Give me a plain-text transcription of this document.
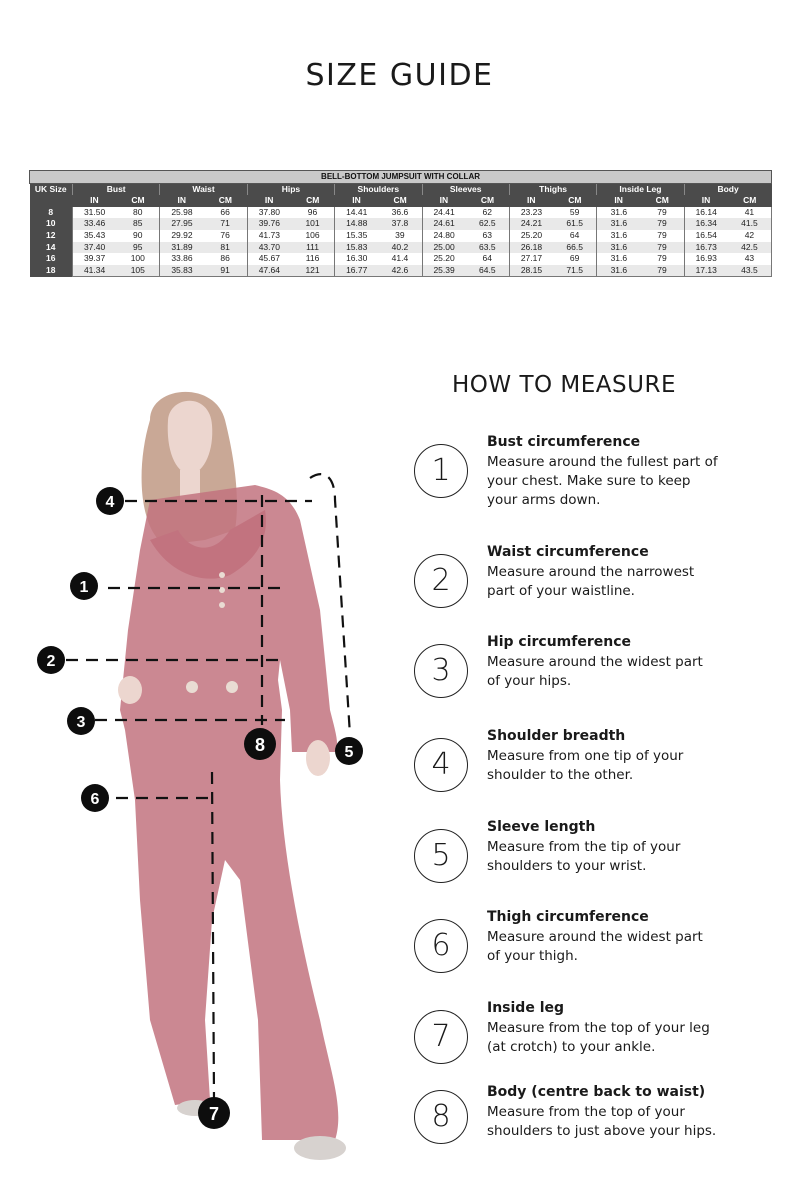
SIZE GUIDE
BELL-BOTTOM JUMPSUIT WITH COLLAR																
UK Size	Bust		Waist		Hips		Shoulders		Sleeves		Thighs		Inside Leg		Body	
	IN	CM	IN	CM	IN	CM	IN	CM	IN	CM	IN	CM	IN	CM	IN	CM
8	31.50	80	25.98	66	37.80	96	14.41	36.6	24.41	62	23.23	59	31.6	79	16.14	41
10	33.46	85	27.95	71	39.76	101	14.88	37.8	24.61	62.5	24.21	61.5	31.6	79	16.34	41.5
12	35.43	90	29.92	76	41.73	106	15.35	39	24.80	63	25.20	64	31.6	79	16.54	42
14	37.40	95	31.89	81	43.70	111	15.83	40.2	25.00	63.5	26.18	66.5	31.6	79	16.73	42.5
16	39.37	100	33.86	86	45.67	116	16.30	41.4	25.20	64	27.17	69	31.6	79	16.93	43
18	41.34	105	35.83	91	47.64	121	16.77	42.6	25.39	64.5	28.15	71.5	31.6	79	17.13	43.5
HOW TO MEASURE
1
Bust circumference
Measure around the fullest part of your chest. Make sure to keep your arms down.
2
Waist circumference
Measure around the narrowest part of your waistline.
3
Hip circumference
Measure around the widest part of your hips.
4
Shoulder breadth
Measure from one tip of your shoulder to the other.
5
Sleeve length
Measure from the tip of your shoulders to your wrist.
6
Thigh circumference
Measure around the widest part of your thigh.
7
Inside leg
Measure from the top of your leg (at crotch) to your ankle.
8
Body (centre back to waist)
Measure from the top of your shoulders to just above your hips.
4
1
2
3
8	5
6
7
